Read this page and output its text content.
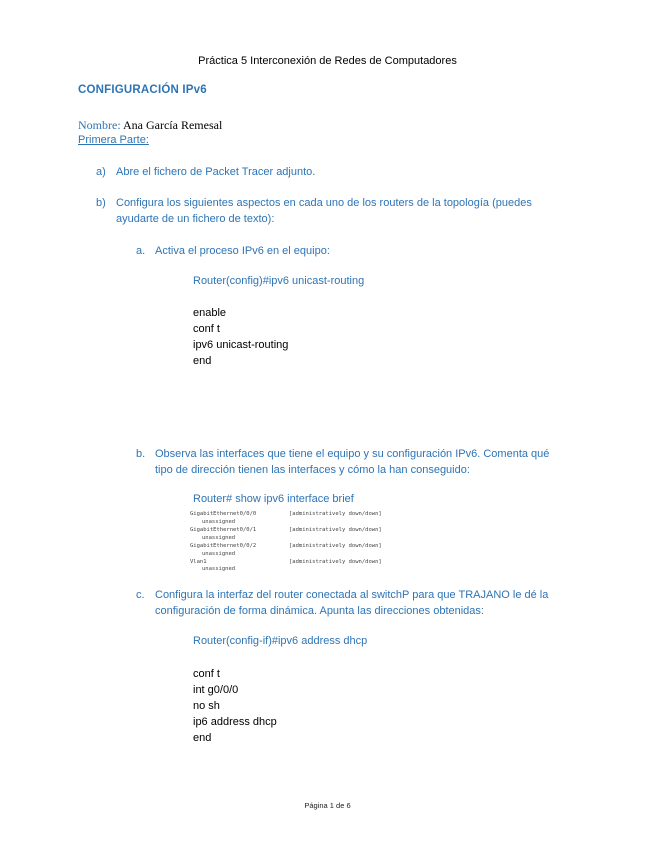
Práctica 5 Interconexión de Redes de Computadores
CONFIGURACIÓN IPv6
Nombre: Ana García Remesal
Primera Parte:
a) Abre el fichero de Packet Tracer adjunto.
b) Configura los siguientes aspectos en cada uno de los routers de la topología (puedes
ayudarte de un fichero de texto):
a. Activa el proceso IPv6 en el equipo:
Router(config)#ipv6 unicast-routing
enable
conf t
ipv6 unicast-routing
end
b. Observa las interfaces que tiene el equipo y su configuración IPv6. Comenta qué
tipo de dirección tienen las interfaces y cómo la han conseguido:
Router# show ipv6 interface brief
GigabitEthernet0/0/0	[administratively down/down]
unassigned
GigabitEthernet0/0/1	[administratively down/down]
unassigned
GigabitEthernet0/0/2	[administratively down/down]
unassigned
Vlan1	[administratively down/down]
unassigned
c. Configura la interfaz del router conectada al switchP para que TRAJANO le dé la
configuración de forma dinámica. Apunta las direcciones obtenidas:
Router(config-if)#ipv6 address dhcp
conf t
int g0/0/0
no sh
ip6 address dhcp
end
Página 1 de 6
